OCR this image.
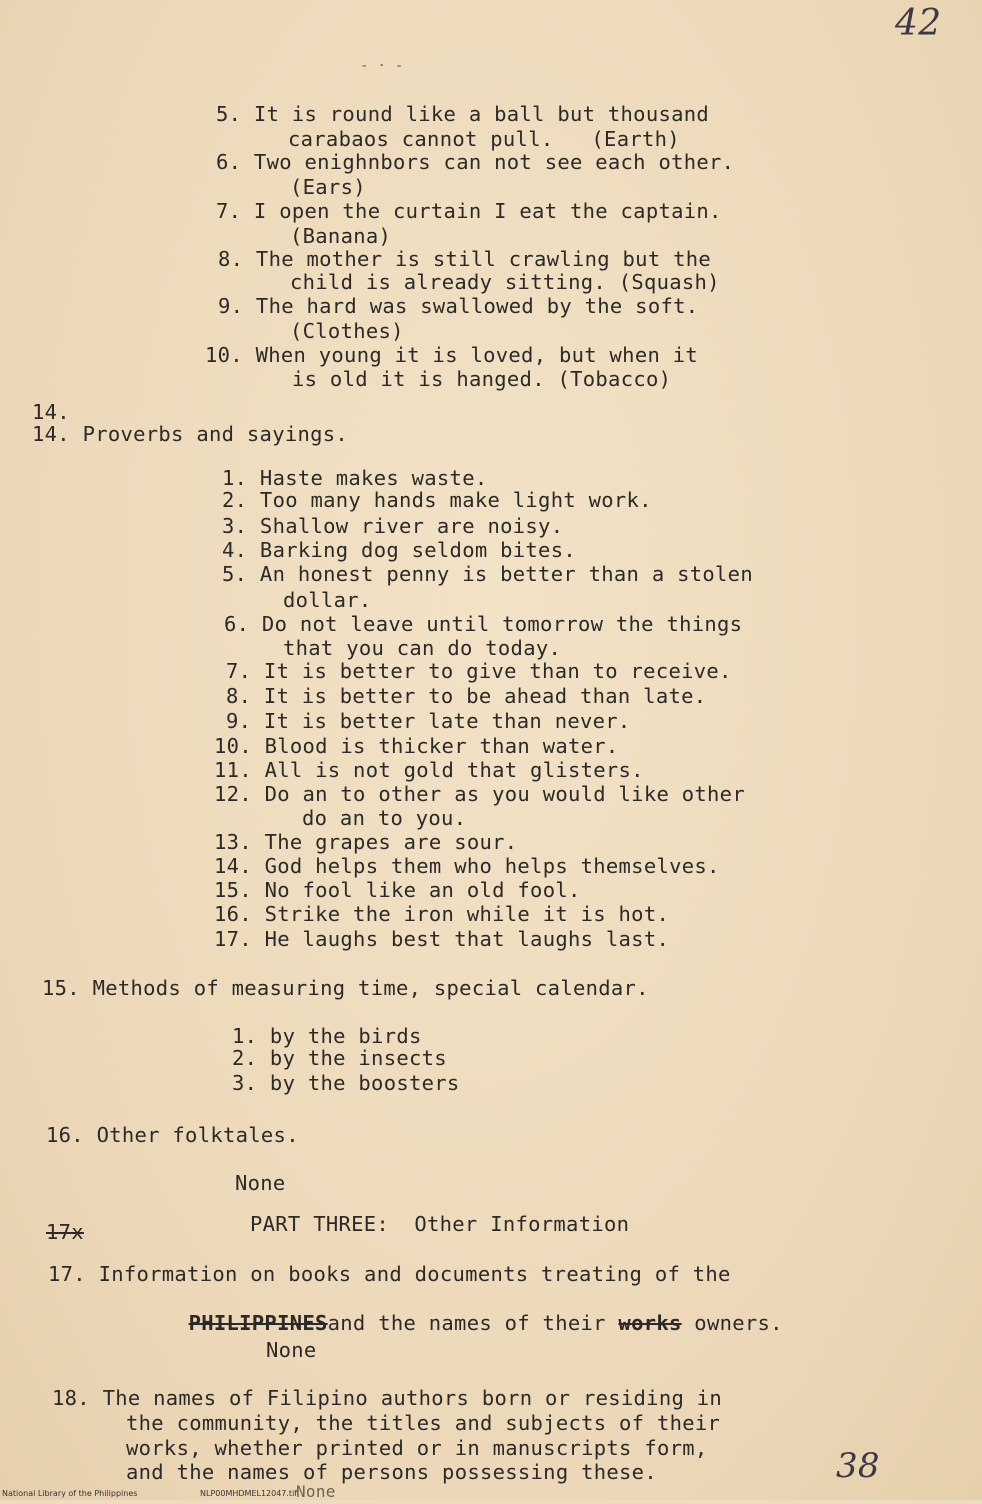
42
- · -
5. It is round like a ball but thousand
carabaos cannot pull.   (Earth)
6. Two enighnbors can not see each other.
(Ears)
7. I open the curtain I eat the captain.
(Banana)
8. The mother is still crawling but the
child is already sitting. (Squash)
9. The hard was swallowed by the soft.
(Clothes)
10. When young it is loved, but when it
is old it is hanged. (Tobacco)
14.
14. Proverbs and sayings.
1. Haste makes waste.
2. Too many hands make light work.
3. Shallow river are noisy.
4. Barking dog seldom bites.
5. An honest penny is better than a stolen
dollar.
6. Do not leave until tomorrow the things
that you can do today.
7. It is better to give than to receive.
8. It is better to be ahead than late.
9. It is better late than never.
10. Blood is thicker than water.
11. All is not gold that glisters.
12. Do an to other as you would like other
do an to you.
13. The grapes are sour.
14. God helps them who helps themselves.
15. No fool like an old fool.
16. Strike the iron while it is hot.
17. He laughs best that laughs last.
15. Methods of measuring time, special calendar.
1. by the birds
2. by the insects
3. by the boosters
16. Other folktales.
None
17x	PART THREE:  Other Information
17. Information on books and documents treating of the

PHILIPPINESand the names of their works owners.

None
18. The names of Filipino authors born or residing in
the community, the titles and subjects of their
works, whether printed or in manuscripts form,
and the names of persons possessing these.
None
38
National Library of the Philippines	NLP00MHDMEL12047.tif
